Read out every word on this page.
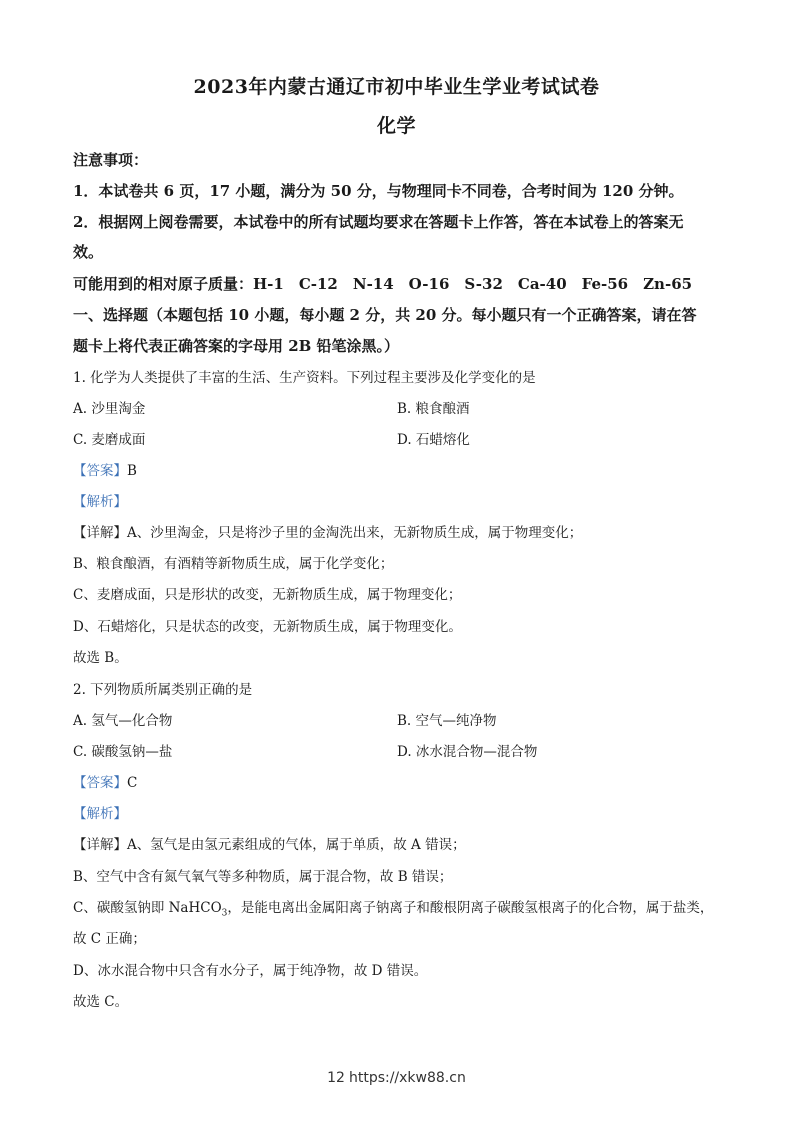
2023年内蒙古通辽市初中毕业生学业考试试卷
化学
注意事项：
1．本试卷共 6 页，17 小题，满分为 50 分，与物理同卡不同卷，合考时间为 120 分钟。
2．根据网上阅卷需要，本试卷中的所有试题均要求在答题卡上作答，答在本试卷上的答案无
效。
可能用到的相对原子质量：H-1　C-12　N-14　O-16　S-32　Ca-40　Fe-56　Zn-65
一、选择题（本题包括 10 小题，每小题 2 分，共 20 分。每小题只有一个正确答案，请在答
题卡上将代表正确答案的字母用 2B 铅笔涂黑。）
1. 化学为人类提供了丰富的生活、生产资料。下列过程主要涉及化学变化的是
A. 沙里淘金	B. 粮食酿酒
C. 麦磨成面	D. 石蜡熔化
【答案】B
【解析】
【详解】A、沙里淘金，只是将沙子里的金淘洗出来，无新物质生成，属于物理变化；
B、粮食酿酒，有酒精等新物质生成，属于化学变化；
C、麦磨成面，只是形状的改变，无新物质生成，属于物理变化；
D、石蜡熔化，只是状态的改变，无新物质生成，属于物理变化。
故选 B。
2. 下列物质所属类别正确的是
A. 氢气—化合物	B. 空气—纯净物
C. 碳酸氢钠—盐	D. 冰水混合物—混合物
【答案】C
【解析】
【详解】A、氢气是由氢元素组成的气体，属于单质，故 A 错误；
B、空气中含有氮气氧气等多种物质，属于混合物，故 B 错误；
C、碳酸氢钠即 NaHCO$_3$，是能电离出金属阳离子钠离子和酸根阴离子碳酸氢根离子的化合物，属于盐类，
故 C 正确；
D、冰水混合物中只含有水分子，属于纯净物，故 D 错误。
故选 C。
12 https://xkw88.cn
